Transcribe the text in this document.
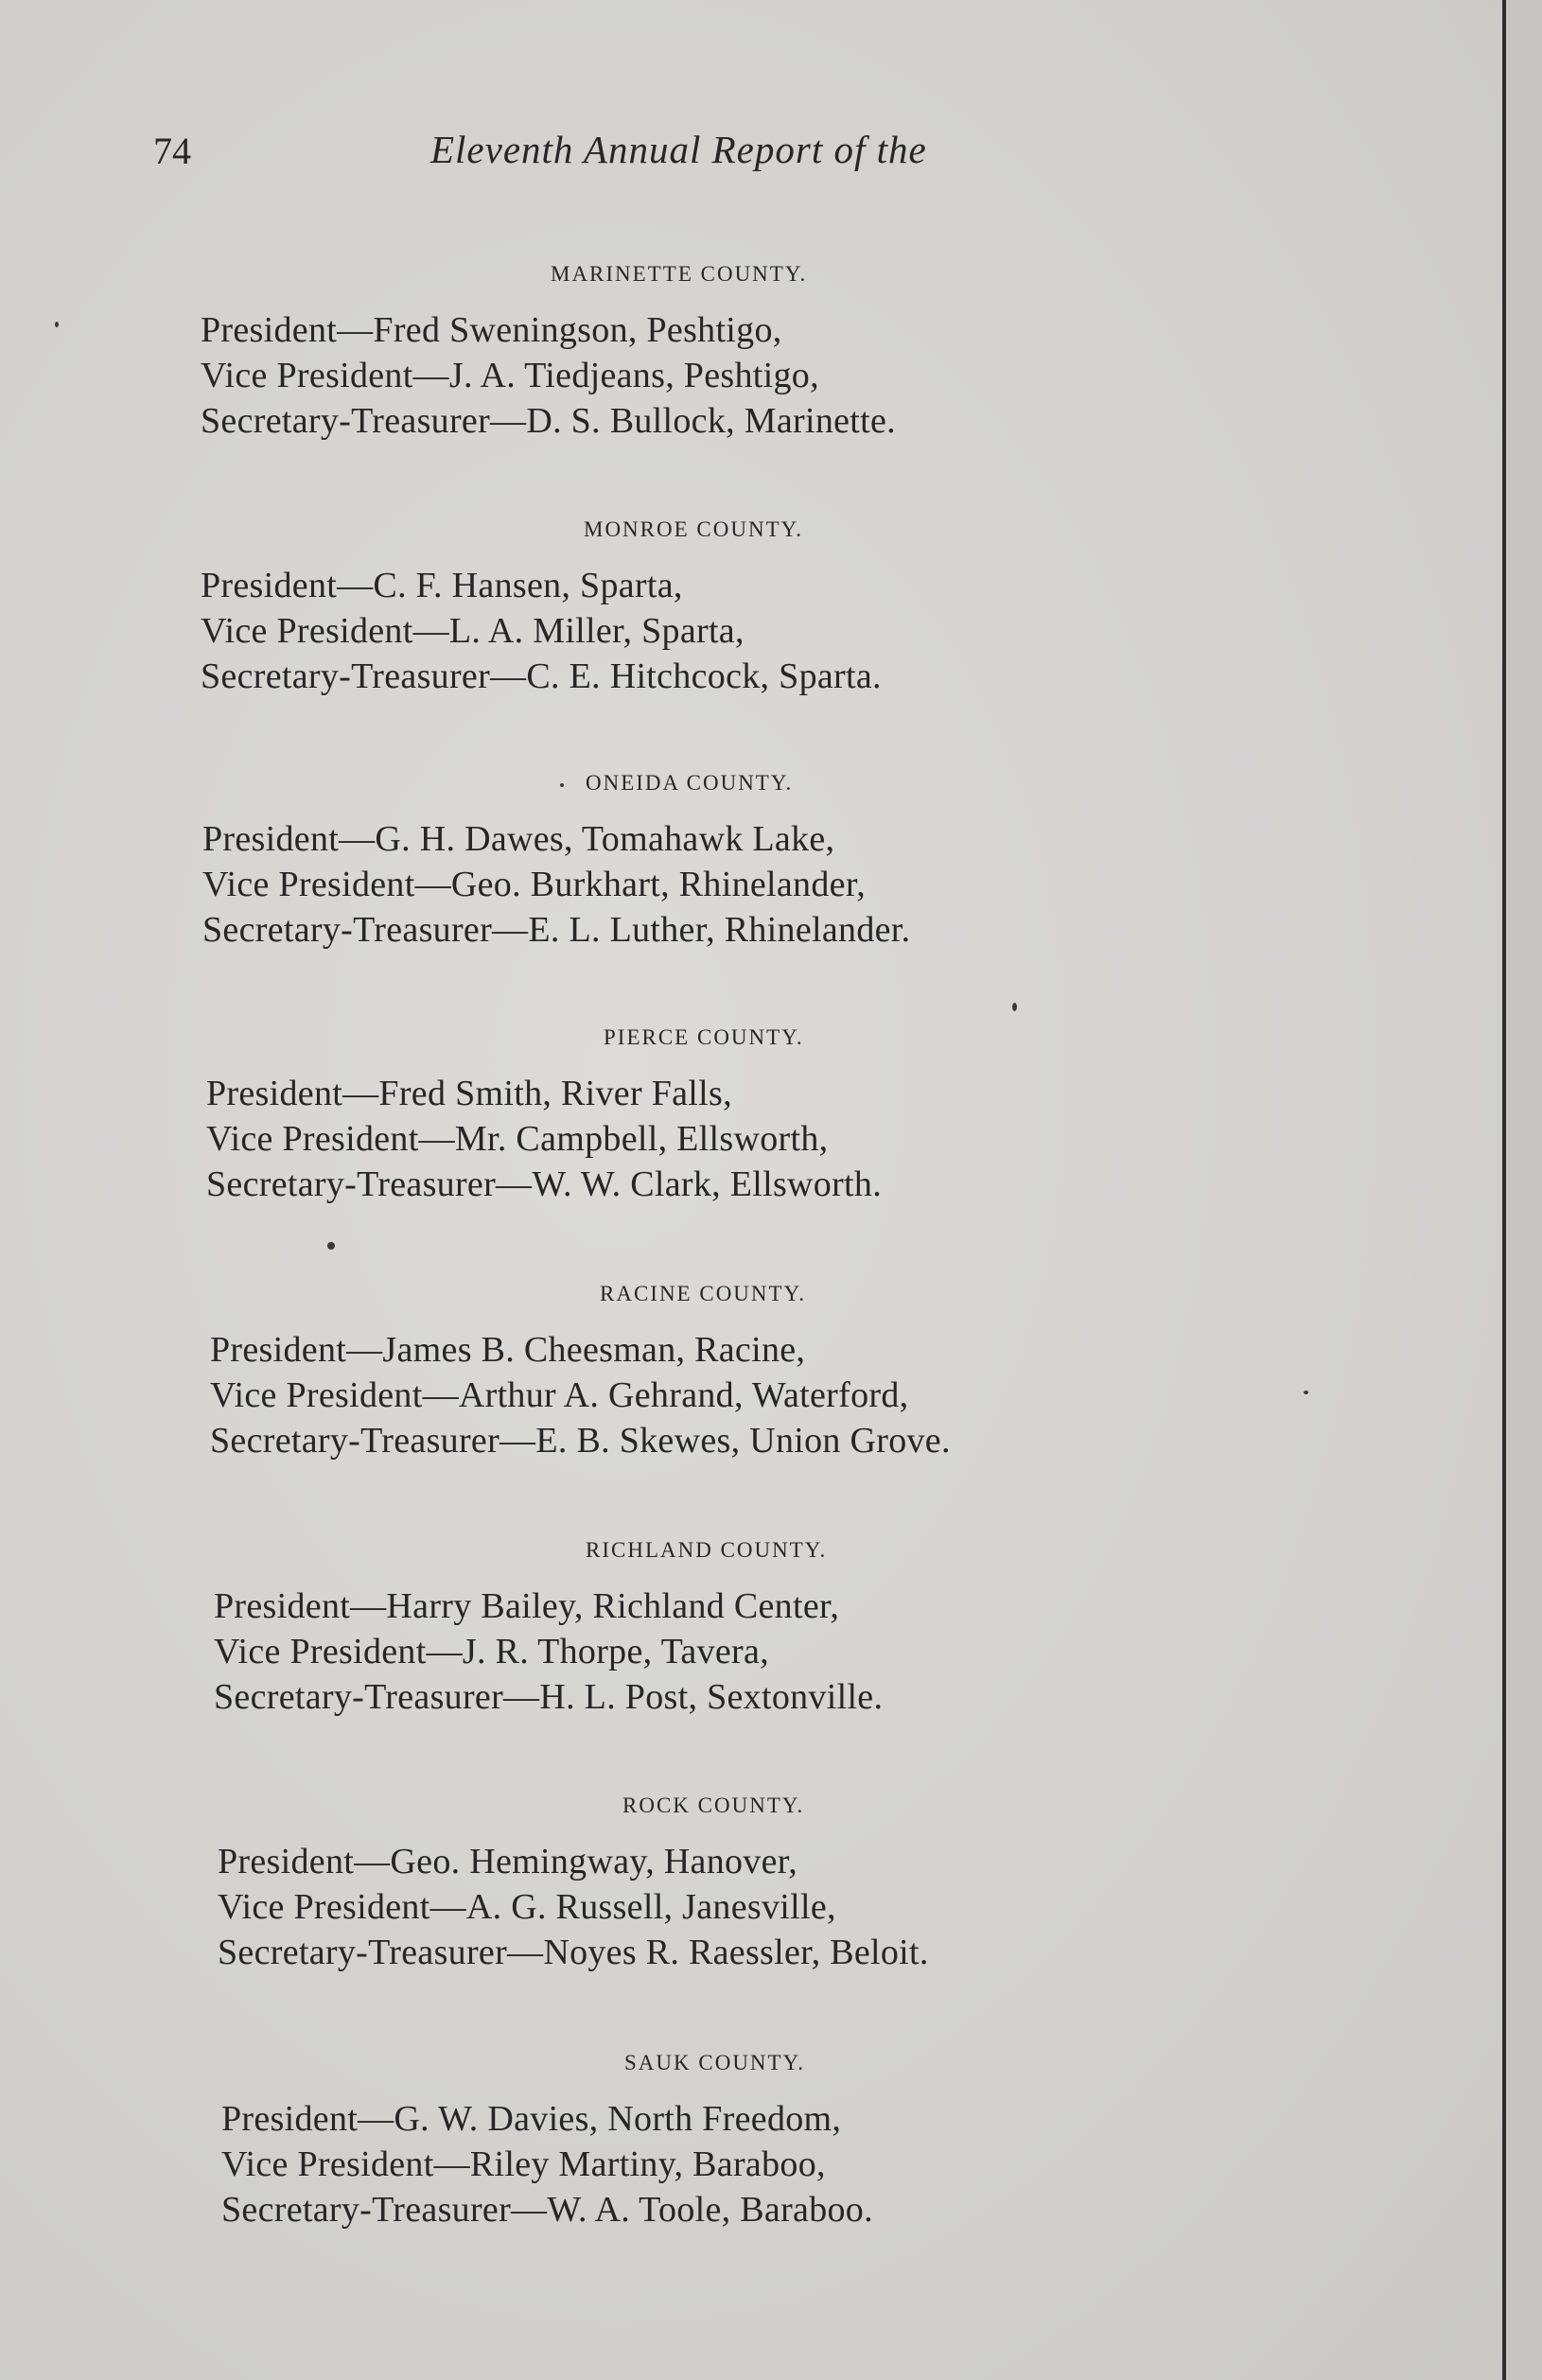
74	Eleventh Annual Report of the
MARINETTE COUNTY.
President—Fred Sweningson, Peshtigo,
Vice President—J. A. Tiedjeans, Peshtigo,
Secretary-Treasurer—D. S. Bullock, Marinette.
MONROE COUNTY.
President—C. F. Hansen, Sparta,
Vice President—L. A. Miller, Sparta,
Secretary-Treasurer—C. E. Hitchcock, Sparta.
ONEIDA COUNTY.
President—G. H. Dawes, Tomahawk Lake,
Vice President—Geo. Burkhart, Rhinelander,
Secretary-Treasurer—E. L. Luther, Rhinelander.
PIERCE COUNTY.
President—Fred Smith, River Falls,
Vice President—Mr. Campbell, Ellsworth,
Secretary-Treasurer—W. W. Clark, Ellsworth.
RACINE COUNTY.
President—James B. Cheesman, Racine,
Vice President—Arthur A. Gehrand, Waterford,
Secretary-Treasurer—E. B. Skewes, Union Grove.
RICHLAND COUNTY.
President—Harry Bailey, Richland Center,
Vice President—J. R. Thorpe, Tavera,
Secretary-Treasurer—H. L. Post, Sextonville.
ROCK COUNTY.
President—Geo. Hemingway, Hanover,
Vice President—A. G. Russell, Janesville,
Secretary-Treasurer—Noyes R. Raessler, Beloit.
SAUK COUNTY.
President—G. W. Davies, North Freedom,
Vice President—Riley Martiny, Baraboo,
Secretary-Treasurer—W. A. Toole, Baraboo.
